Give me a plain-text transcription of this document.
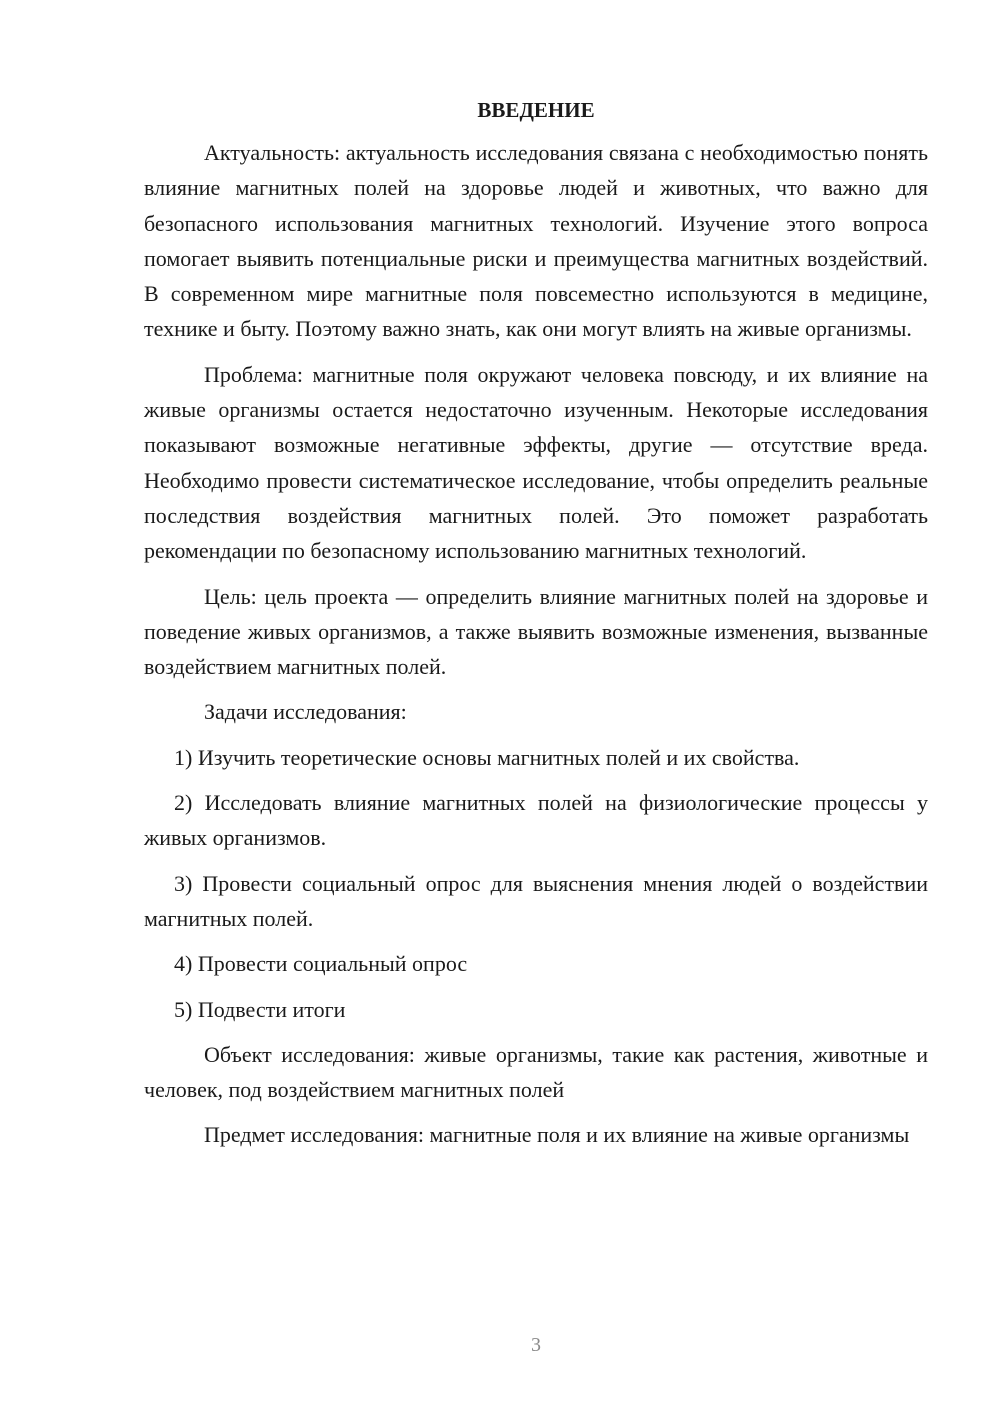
ВВЕДЕНИЕ

Актуальность: актуальность исследования связана с необходимостью понять влияние магнитных полей на здоровье людей и животных, что важно для безопасного использования магнитных технологий. Изучение этого вопроса помогает выявить потенциальные риски и преимущества магнитных воздействий. В современном мире магнитные поля повсеместно используются в медицине, технике и быту. Поэтому важно знать, как они могут влиять на живые организмы.

Проблема: магнитные поля окружают человека повсюду, и их влияние на живые организмы остается недостаточно изученным. Некоторые исследования показывают возможные негативные эффекты, другие — отсутствие вреда. Необходимо провести систематическое исследование, чтобы определить реальные последствия воздействия магнитных полей. Это поможет разработать рекомендации по безопасному использованию магнитных технологий.

Цель: цель проекта — определить влияние магнитных полей на здоровье и поведение живых организмов, а также выявить возможные изменения, вызванные воздействием магнитных полей.

Задачи исследования:

1) Изучить теоретические основы магнитных полей и их свойства.

2) Исследовать влияние магнитных полей на физиологические процессы у живых организмов.

3) Провести социальный опрос для выяснения мнения людей о воздействии магнитных полей.

4) Провести социальный опрос

5) Подвести итоги

Объект исследования: живые организмы, такие как растения, животные и человек, под воздействием магнитных полей

Предмет исследования: магнитные поля и их влияние на живые организмы

3
